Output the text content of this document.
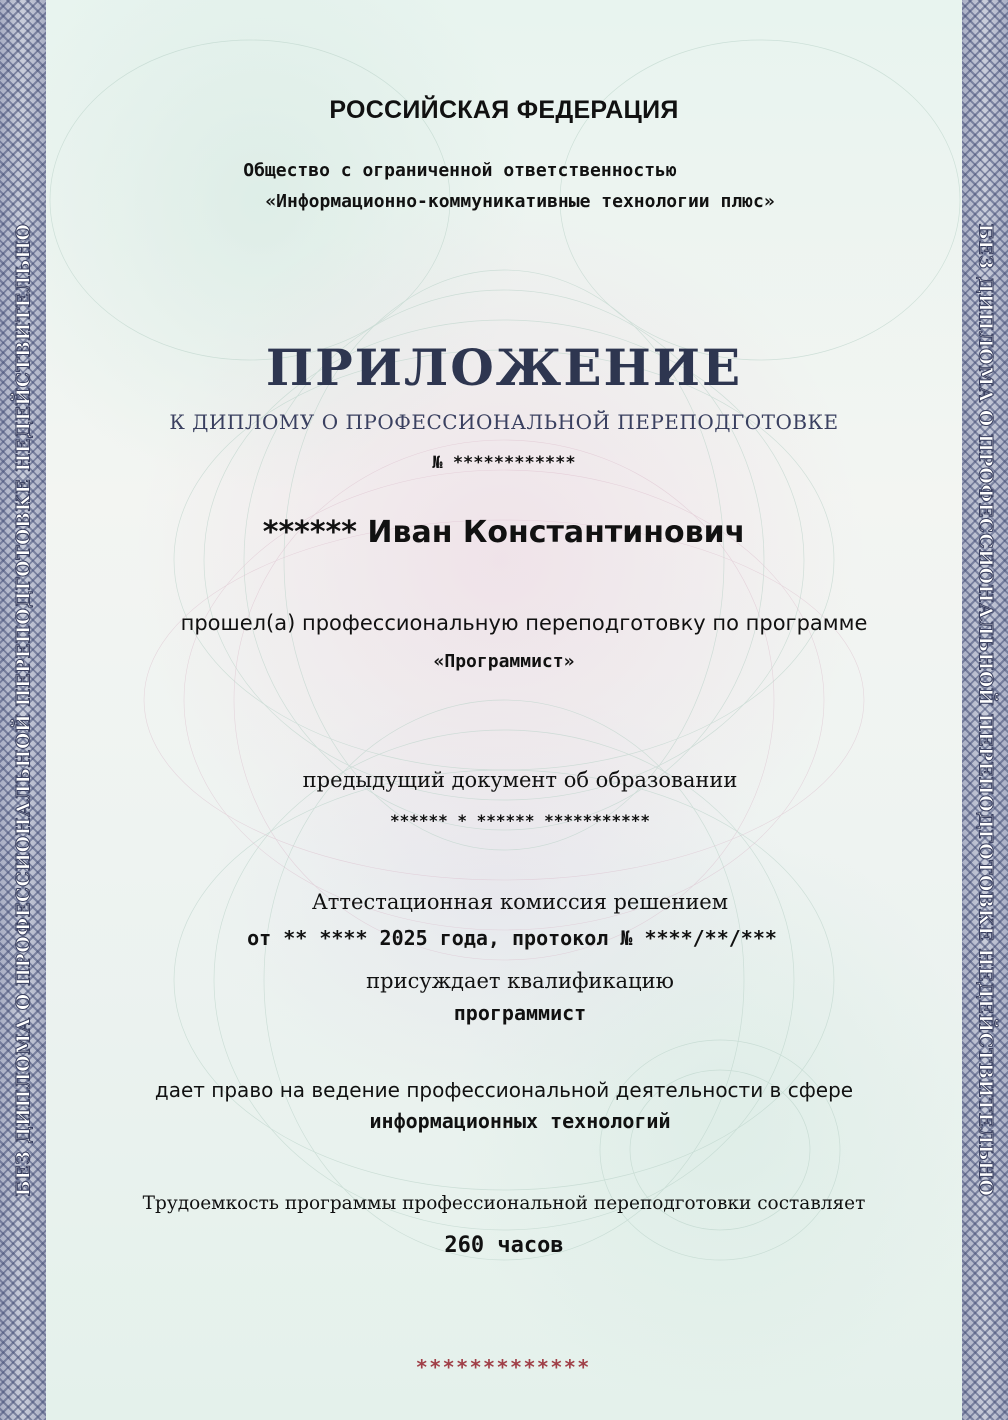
БЕЗ ДИПЛОМА О ПРОФЕССИОНАЛЬНОЙ ПЕРЕПОДГОТОВКЕ НЕДЕЙСТВИТЕЛЬНО	БЕЗ ДИПЛОМА О ПРОФЕССИОНАЛЬНОЙ ПЕРЕПОДГОТОВКЕ НЕДЕЙСТВИТЕЛЬНО
РОССИЙСКАЯ ФЕДЕРАЦИЯ
Общество с ограниченной ответственностью
«Информационно-коммуникативные технологии плюс»
ПРИЛОЖЕНИЕ
К ДИПЛОМУ О ПРОФЕССИОНАЛЬНОЙ ПЕРЕПОДГОТОВКЕ
№ ************
****** Иван Константинович
прошел(а) профессиональную переподготовку по программе
«Программист»
предыдущий документ об образовании
****** * ****** ***********
Аттестационная комиссия решением
от ** **** 2025 года, протокол № ****/**/***
присуждает квалификацию
программист
дает право на ведение профессиональной деятельности в сфере
информационных технологий
Трудоемкость программы профессиональной переподготовки составляет
260 часов
*************
